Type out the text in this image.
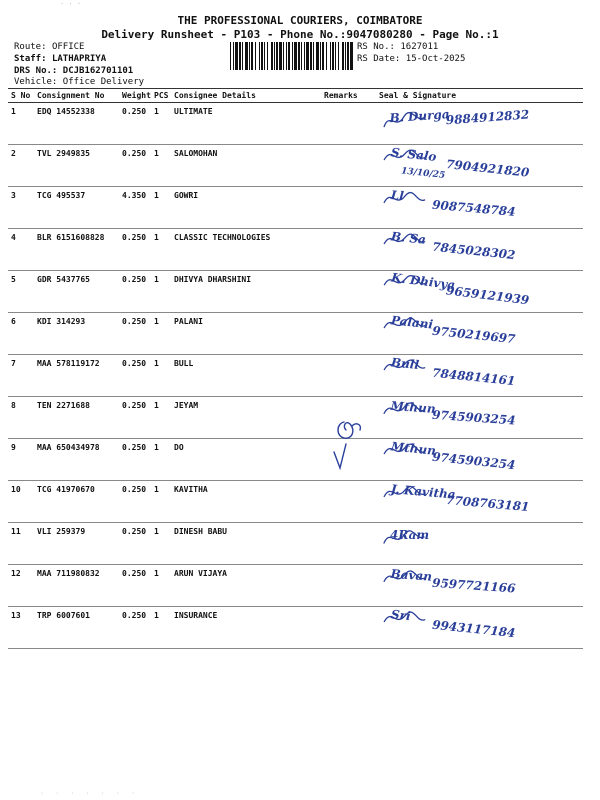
· · ·
THE PROFESSIONAL COURIERS, COIMBATORE
Delivery Runsheet - P103 - Phone No.:9047080280 - Page No.:1
Route: OFFICE
Staff: LATHAPRIYA
DRS No.: DCJB162701101
Vehicle: Office Delivery
RS No.: 1627011
RS Date: 15-Oct-2025
S No	Consignment No	Weight	PCS	Consignee Details	Remarks	Seal & Signature
1	EDQ 14552338	0.250	1	ULTIMATE		B. Durga
9884912832

2	TVL 2949835	0.250	1	SALOMOHAN		S. Salo
7904921820
13/10/25

3	TCG 495537	4.350	1	GOWRI		Ll
9087548784

4	BLR 6151608828	0.250	1	CLASSIC TECHNOLOGIES		B. Sa
7845028302

5	GDR 5437765	0.250	1	DHIVYA DHARSHINI		K. Dhivya
9659121939

6	KDI 314293	0.250	1	PALANI		Palani
9750219697

7	MAA 578119172	0.250	1	BULL		Bull
7848814161

8	TEN 2271688	0.250	1	JEYAM		Mthun
9745903254

9	MAA 650434978	0.250	1	DO		Mthun
9745903254

10	TCG 41970670	0.250	1	KAVITHA		J. Kavitha
7708763181

11	VLI 259379	0.250	1	DINESH BABU		4Ram

12	MAA 711980832	0.250	1	ARUN VIJAYA		Bavan
9597721166

13	TRP 6007601	0.250	1	INSURANCE		Sri
9943117184
· · · · · · ·
